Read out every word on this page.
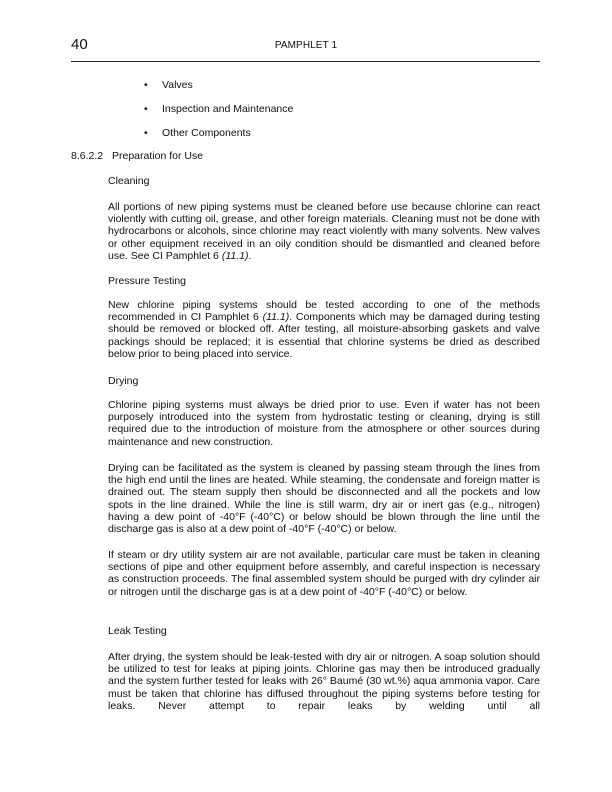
40	PAMPHLET 1
• Valves
• Inspection and Maintenance
• Other Components
8.6.2.2 Preparation for Use
Cleaning
All portions of new piping systems must be cleaned before use because chlorine can react violently with cutting oil, grease, and other foreign materials. Cleaning must not be done with hydrocarbons or alcohols, since chlorine may react violently with many solvents. New valves or other equipment received in an oily condition should be dismantled and cleaned before use. See CI Pamphlet 6 (11.1).
Pressure Testing
New chlorine piping systems should be tested according to one of the methods recommended in CI Pamphlet 6 (11.1). Components which may be damaged during testing should be removed or blocked off. After testing, all moisture-absorbing gaskets and valve packings should be replaced; it is essential that chlorine systems be dried as described below prior to being placed into service.
Drying
Chlorine piping systems must always be dried prior to use. Even if water has not been purposely introduced into the system from hydrostatic testing or cleaning, drying is still required due to the introduction of moisture from the atmosphere or other sources during maintenance and new construction.
Drying can be facilitated as the system is cleaned by passing steam through the lines from the high end until the lines are heated. While steaming, the condensate and foreign matter is drained out. The steam supply then should be disconnected and all the pockets and low spots in the line drained. While the line is still warm, dry air or inert gas (e.g., nitrogen) having a dew point of -40°F (-40°C) or below should be blown through the line until the discharge gas is also at a dew point of -40°F (-40°C) or below.
If steam or dry utility system air are not available, particular care must be taken in cleaning sections of pipe and other equipment before assembly, and careful inspection is necessary as construction proceeds. The final assembled system should be purged with dry cylinder air or nitrogen until the discharge gas is at a dew point of -40°F (-40°C) or below.
Leak Testing
After drying, the system should be leak-tested with dry air or nitrogen. A soap solution should be utilized to test for leaks at piping joints. Chlorine gas may then be introduced gradually and the system further tested for leaks with 26° Baumé (30 wt.%) aqua ammonia vapor. Care must be taken that chlorine has diffused throughout the piping systems before testing for leaks. Never attempt to repair leaks by welding until all
